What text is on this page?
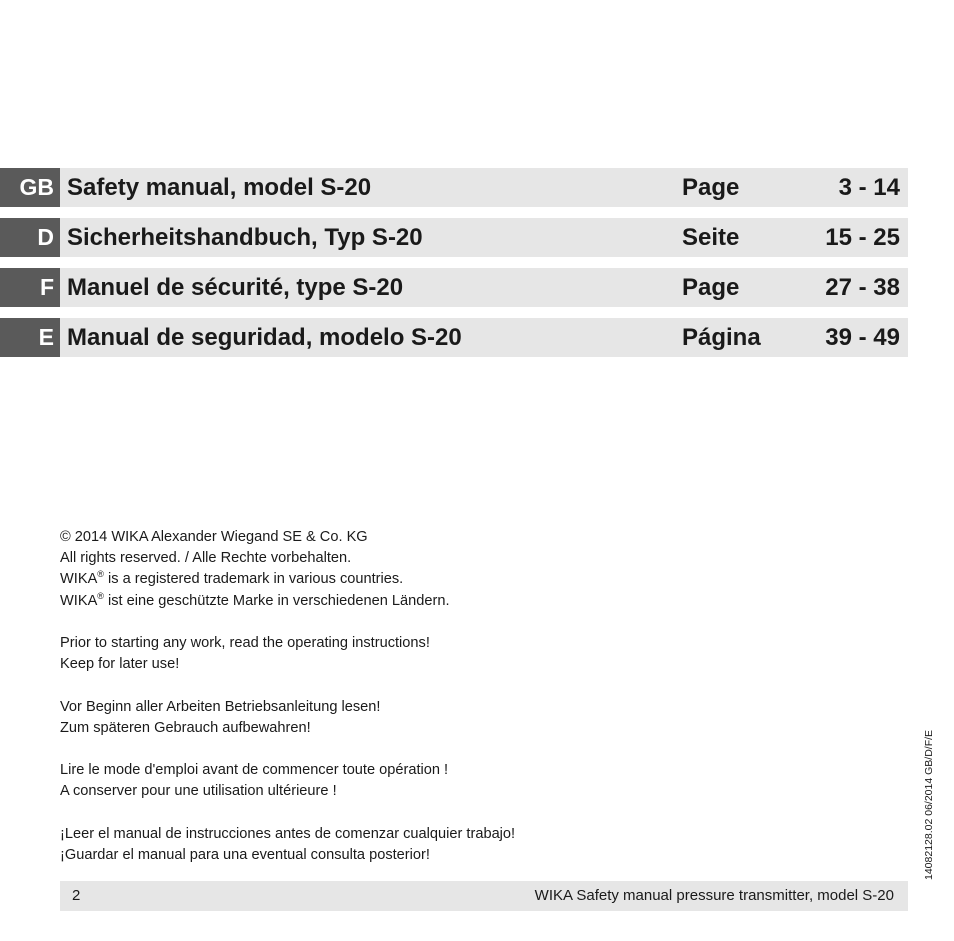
GB Safety manual, model S-20	Page	3 - 14
D Sicherheitshandbuch, Typ S-20	Seite	15 - 25
F Manuel de sécurité, type S-20	Page	27 - 38
E Manual de seguridad, modelo S-20	Página	39 - 49

© 2014 WIKA Alexander Wiegand SE & Co. KG
All rights reserved. / Alle Rechte vorbehalten.
WIKA® is a registered trademark in various countries.
WIKA® ist eine geschützte Marke in verschiedenen Ländern.

Prior to starting any work, read the operating instructions!
Keep for later use!

Vor Beginn aller Arbeiten Betriebsanleitung lesen!
Zum späteren Gebrauch aufbewahren!

Lire le mode d'emploi avant de commencer toute opération !
A conserver pour une utilisation ultérieure !

¡Leer el manual de instrucciones antes de comenzar cualquier trabajo!
¡Guardar el manual para una eventual consulta posterior!

2	WIKA Safety manual pressure transmitter, model S-20
14082128.02 06/2014 GB/D/F/E
